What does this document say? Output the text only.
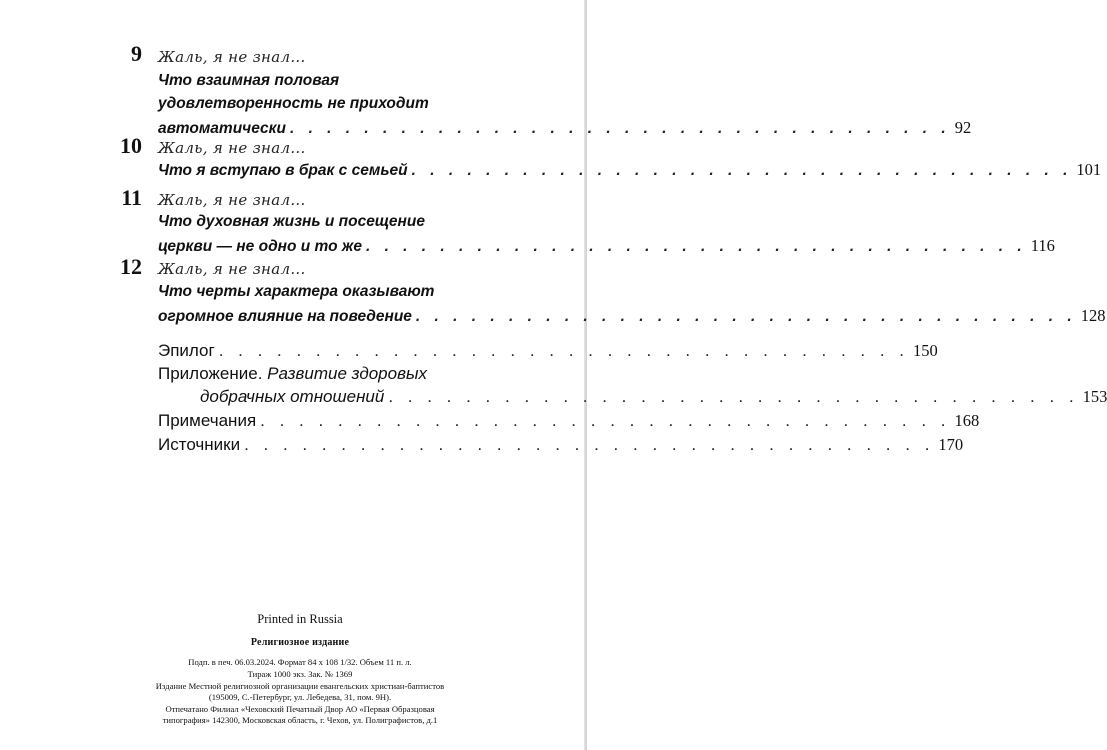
9 Жаль, я не знал...
Что взаимная половая
удовлетворенность не приходит
автоматически . . . . . . . . . . . . . . . . . . . . . . . . . . . . . . . . . . . . 92
10 Жаль, я не знал...
Что я вступаю в брак с семьей . . . . . . . . . . . . . . . . . . . . . . . . . . . . . . . . . . . . 101
11 Жаль, я не знал...
Что духовная жизнь и посещение
церкви — не одно и то же . . . . . . . . . . . . . . . . . . . . . . . . . . . . . . . . . . . . 116
12 Жаль, я не знал...
Что черты характера оказывают
огромное влияние на поведение . . . . . . . . . . . . . . . . . . . . . . . . . . . . . . . . . . . . 128
Эпилог . . . . . . . . . . . . . . . . . . . . . . . . . . . . . . . . . . . . 150
Приложение. Развитие здоровых
добрачных отношений . . . . . . . . . . . . . . . . . . . . . . . . . . . . . . . . . . . . 153
Примечания . . . . . . . . . . . . . . . . . . . . . . . . . . . . . . . . . . . . 168
Источники . . . . . . . . . . . . . . . . . . . . . . . . . . . . . . . . . . . . 170
Printed in Russia
Религиозное издание
Подп. в печ. 06.03.2024. Формат 84 x 108 1/32. Объем 11 п. л.
Тираж 1000 экз. Зак. № 1369
Издание Местной религиозной организации евангельских христиан-баптистов
(195009, С.-Петербург, ул. Лебедева, 31, пом. 9Н).
Отпечатано Филиал «Чеховский Печатный Двор АО «Первая Образцовая
типография» 142300, Московская область, г. Чехов, ул. Полиграфистов, д.1
